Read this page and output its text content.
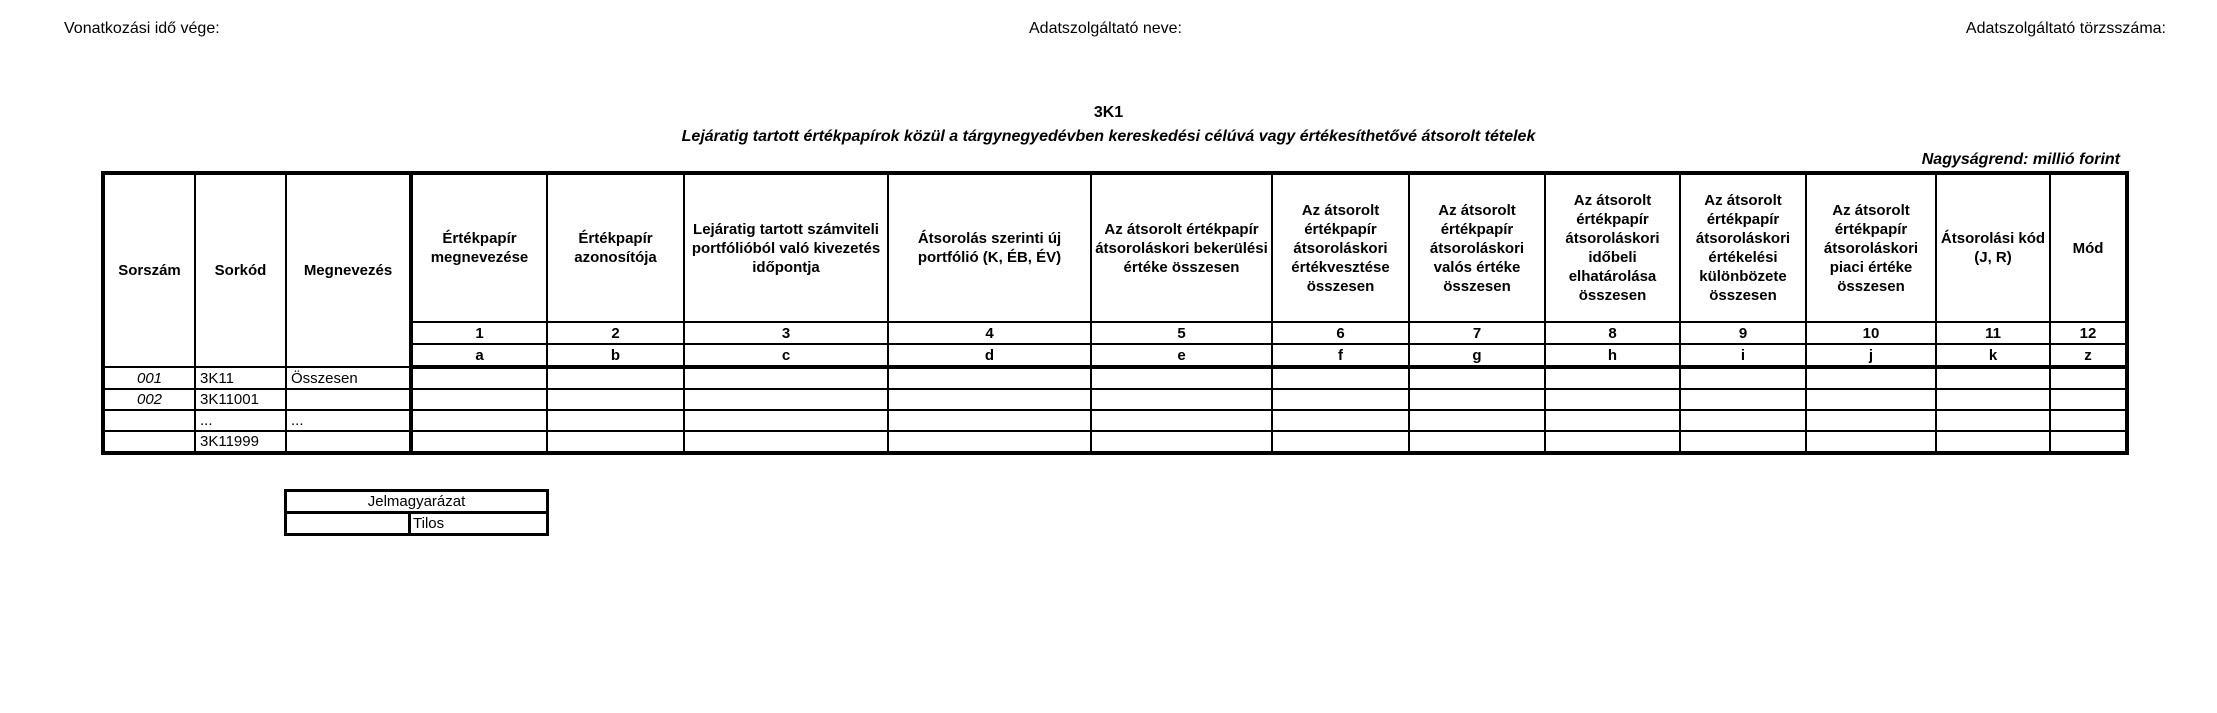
Vonatkozási idő vége:	Adatszolgáltató neve:	Adatszolgáltató törzsszáma:
3K1
Lejáratig tartott értékpapírok közül a tárgynegyedévben kereskedési célúvá vagy értékesíthetővé átsorolt tételek
Nagyságrend: millió forint
Sorszám	Sorkód	Megnevezés	Értékpapír megnevezése	Értékpapír azonosítója	Lejáratig tartott számviteli portfólióból való kivezetés időpontja	Átsorolás szerinti új portfólió (K, ÉB, ÉV)	Az átsorolt értékpapír átsoroláskori bekerülési értéke összesen	Az átsorolt értékpapír átsoroláskori értékvesztése összesen	Az átsorolt értékpapír átsoroláskori valós értéke összesen	Az átsorolt értékpapír átsoroláskori időbeli elhatárolása összesen	Az átsorolt értékpapír átsoroláskori értékelési különbözete összesen	Az átsorolt értékpapír átsoroláskori piaci értéke összesen	Átsorolási kód (J, R)	Mód
			1	2	3	4	5	6	7	8	9	10	11	12
			a	b	c	d	e	f	g	h	i	j	k	z
001	3K11	Összesen												
002	3K11001													
	...	...												
	3K11999													
Jelmagyarázat
	Tilos
